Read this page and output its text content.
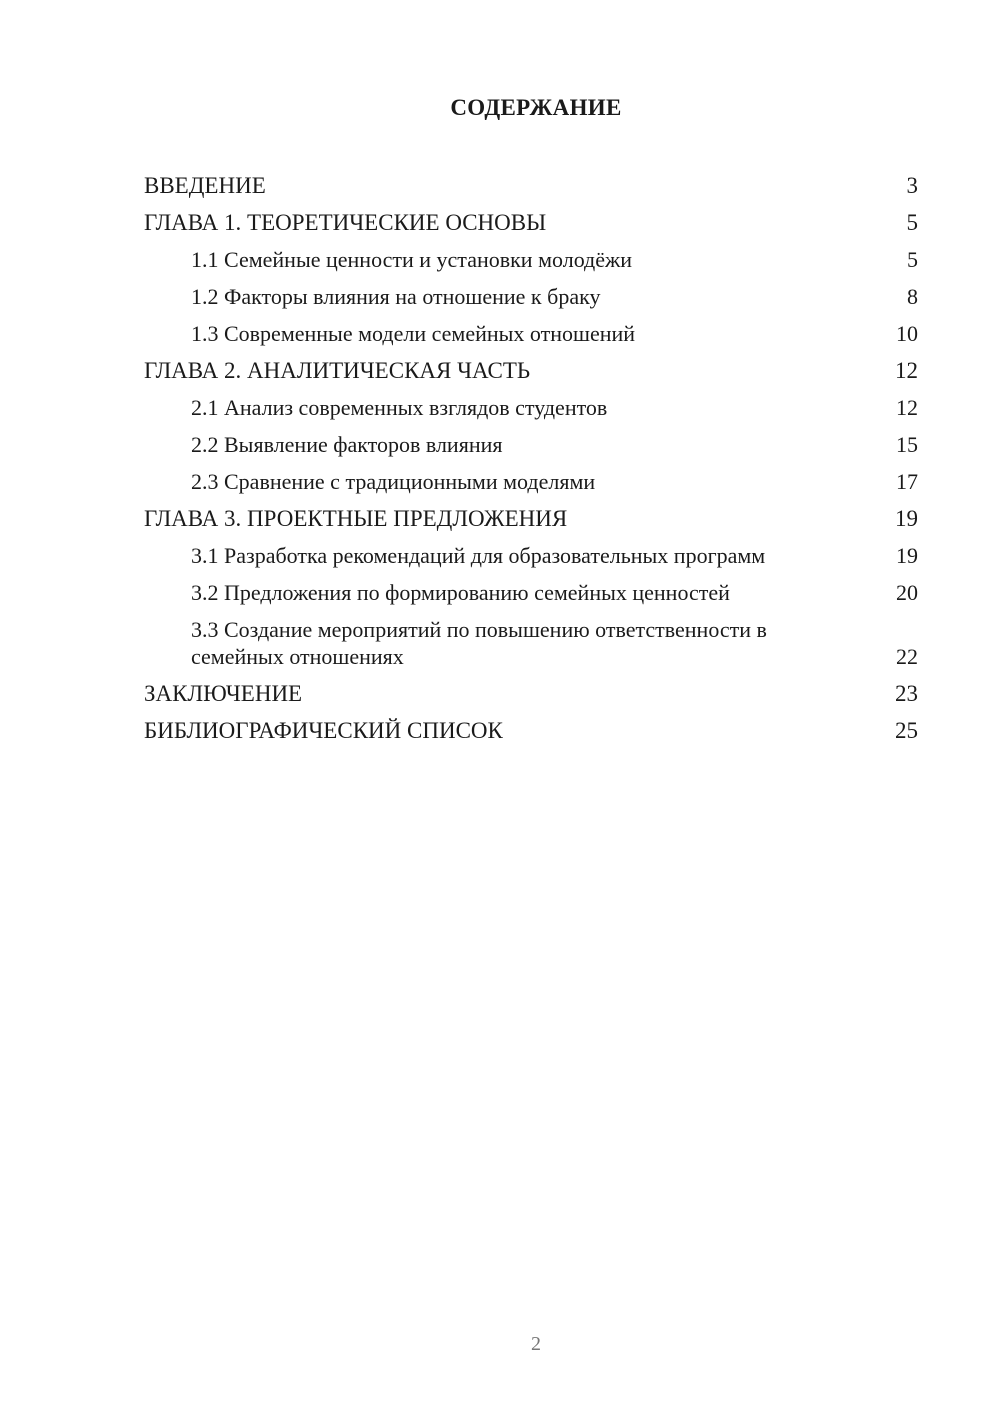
СОДЕРЖАНИЕ
ВВЕДЕНИЕ	3
ГЛАВА 1. ТЕОРЕТИЧЕСКИЕ ОСНОВЫ	5
1.1 Семейные ценности и установки молодёжи	5
1.2 Факторы влияния на отношение к браку	8
1.3 Современные модели семейных отношений	10
ГЛАВА 2. АНАЛИТИЧЕСКАЯ ЧАСТЬ	12
2.1 Анализ современных взглядов студентов	12
2.2 Выявление факторов влияния	15
2.3 Сравнение с традиционными моделями	17
ГЛАВА 3. ПРОЕКТНЫЕ ПРЕДЛОЖЕНИЯ	19
3.1 Разработка рекомендаций для образовательных программ	19
3.2 Предложения по формированию семейных ценностей	20
3.3 Создание мероприятий по повышению ответственности в семейных отношениях	22
ЗАКЛЮЧЕНИЕ	23
БИБЛИОГРАФИЧЕСКИЙ СПИСОК	25
2
